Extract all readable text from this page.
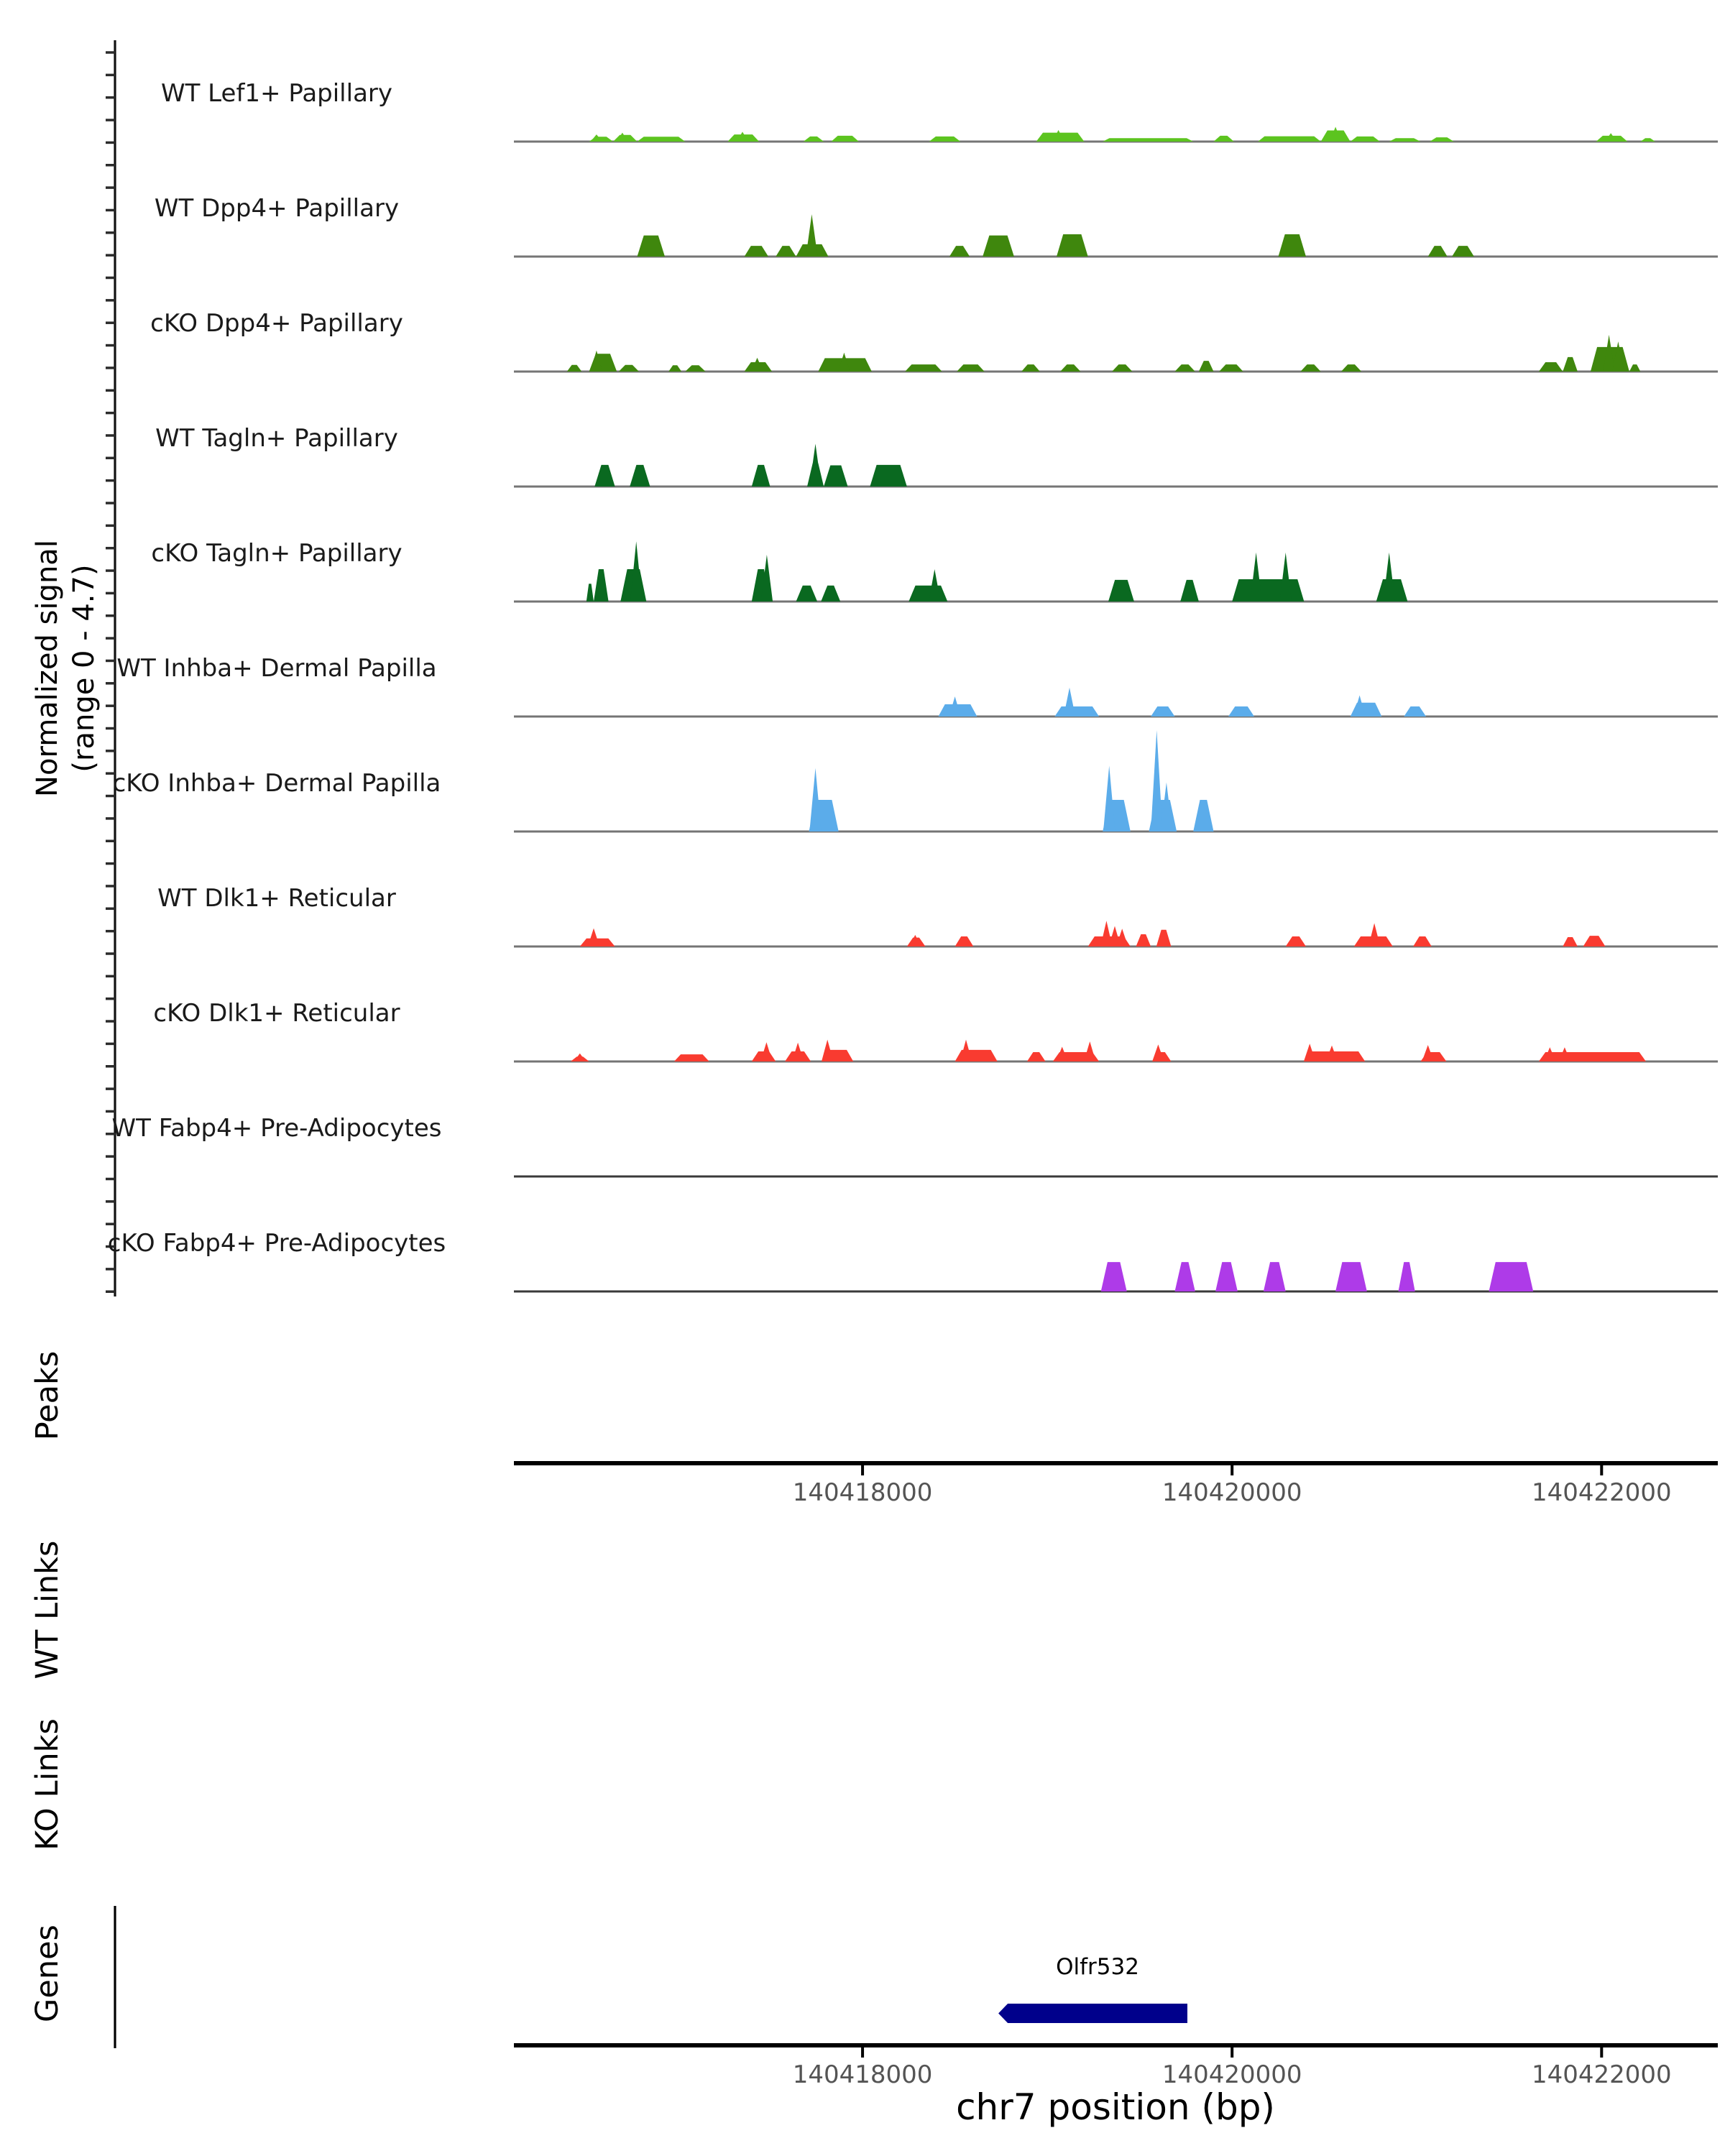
Normalized signal (range 0 - 4.7)
Peaks
WT Links
KO Links
Genes	Olfr532
chr7 position (bp)
WT Lef1+ Papillary
WT Dpp4+ Papillary
cKO Dpp4+ Papillary
WT Tagln+ Papillary
cKO Tagln+ Papillary
WT Inhba+ Dermal Papilla
cKO Inhba+ Dermal Papilla
WT Dlk1+ Reticular
cKO Dlk1+ Reticular
WT Fabp4+ Pre-Adipocytes
cKO Fabp4+ Pre-Adipocytes
140418000	140420000	140422000
140418000	140420000	140422000
